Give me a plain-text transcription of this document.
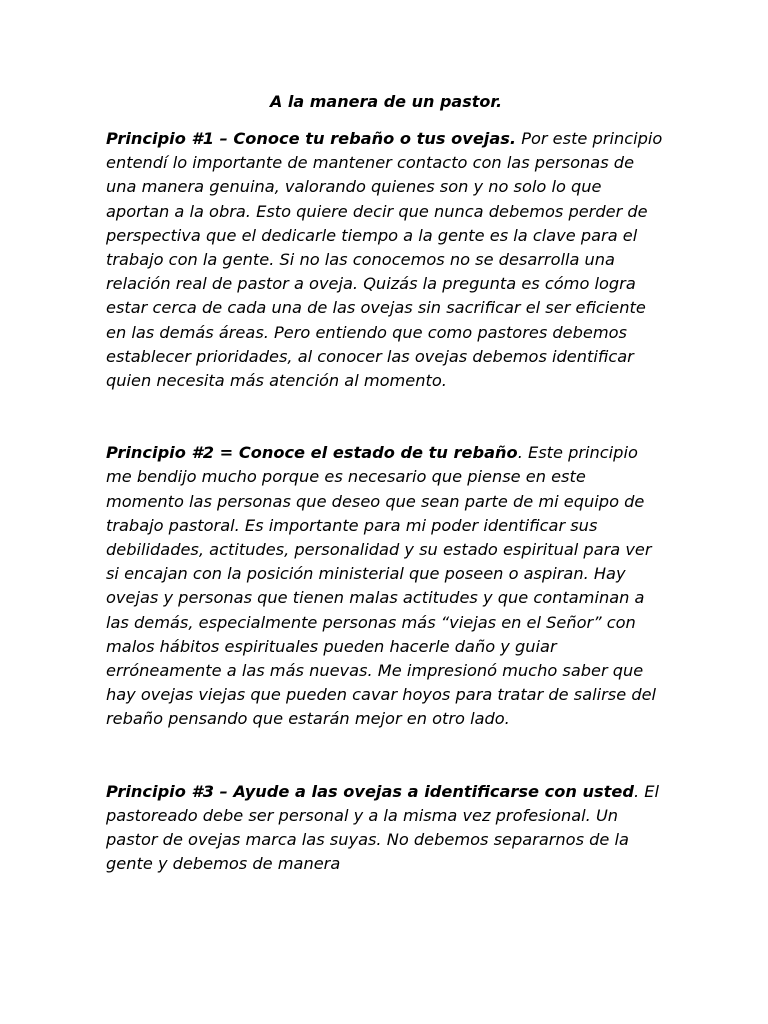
A la manera de un pastor.

Principio #1 – Conoce tu rebaño o tus ovejas. Por este principio entendí lo importante de mantener contacto con las personas de una manera genuina, valorando quienes son y no solo lo que aportan a la obra. Esto quiere decir que nunca debemos perder de perspectiva que el dedicarle tiempo a la gente es la clave para el trabajo con la gente. Si no las conocemos no se desarrolla una relación real de pastor a oveja. Quizás la pregunta es cómo logra estar cerca de cada una de las ovejas sin sacrificar el ser eficiente en las demás áreas. Pero entiendo que como pastores debemos establecer prioridades, al conocer las ovejas debemos identificar quien necesita más atención al momento.

Principio #2 = Conoce el estado de tu rebaño. Este principio me bendijo mucho porque es necesario que piense en este momento las personas que deseo que sean parte de mi equipo de trabajo pastoral. Es importante para mi poder identificar sus debilidades, actitudes, personalidad y su estado espiritual para ver si encajan con la posición ministerial que poseen o aspiran. Hay ovejas y personas que tienen malas actitudes y que contaminan a las demás, especialmente personas más “viejas en el Señor” con malos hábitos espirituales pueden hacerle daño y guiar erróneamente a las más nuevas. Me impresionó mucho saber que hay ovejas viejas que pueden cavar hoyos para tratar de salirse del rebaño pensando que estarán mejor en otro lado.

Principio #3 – Ayude a las ovejas a identificarse con usted. El pastoreado debe ser personal y a la misma vez profesional. Un pastor de ovejas marca las suyas. No debemos separarnos de la gente y debemos de manera
